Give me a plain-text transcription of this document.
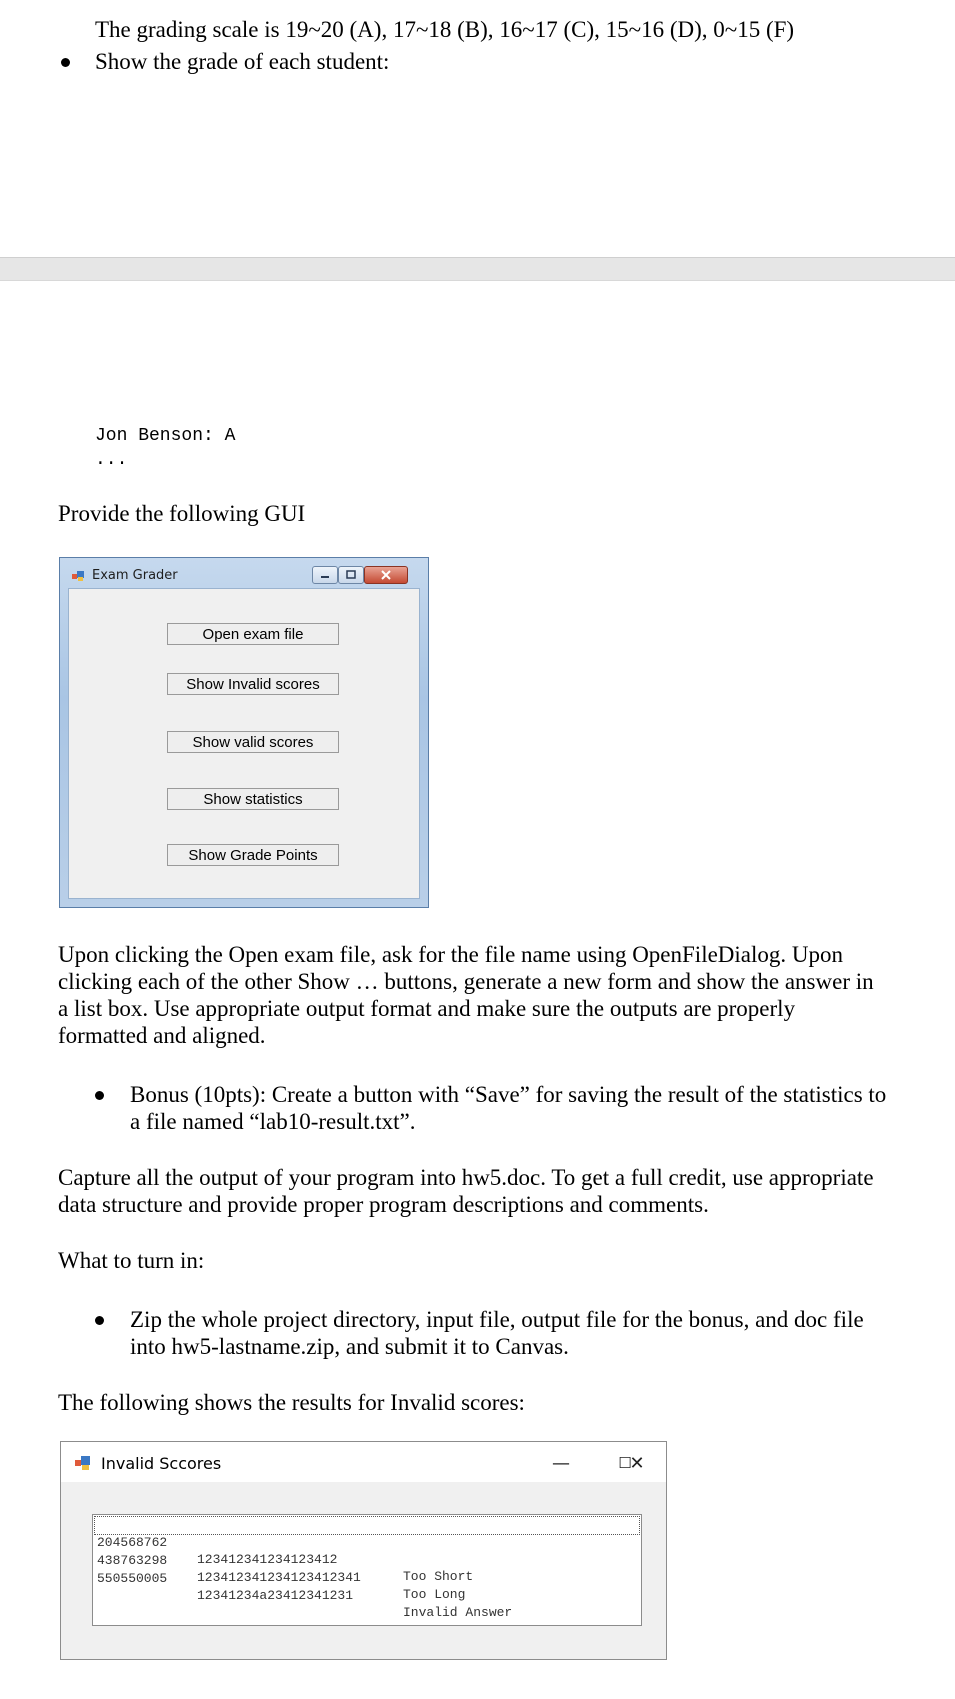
The grading scale is 19~20 (A), 17~18 (B), 16~17 (C), 15~16 (D), 0~15 (F)
Show the grade of each student:
Jon Benson: A
...
Provide the following GUI
Exam Grader
Open exam file
Show Invalid scores
Show valid scores
Show statistics
Show Grade Points
Upon clicking the Open exam file, ask for the file name using OpenFileDialog. Upon
clicking each of the other Show … buttons, generate a new form and show the answer in
a list box. Use appropriate output format and make sure the outputs are properly
formatted and aligned.
Bonus (10pts): Create a button with “Save” for saving the result of the statistics to
a file named “lab10-result.txt”.
Capture all the output of your program into hw5.doc. To get a full credit, use appropriate
data structure and provide proper program descriptions and comments.
What to turn in:
Zip the whole project directory, input file, output file for the bonus, and doc file
into hw5-lastname.zip, and submit it to Canvas.
The following shows the results for Invalid scores:
Invalid Sccores	—	☐
✕

204568762

12341234123412341​2

Too Short

438763298

1234123412341234​12341

Too Long

550550005

12341234a23412341231

Invalid Answer
